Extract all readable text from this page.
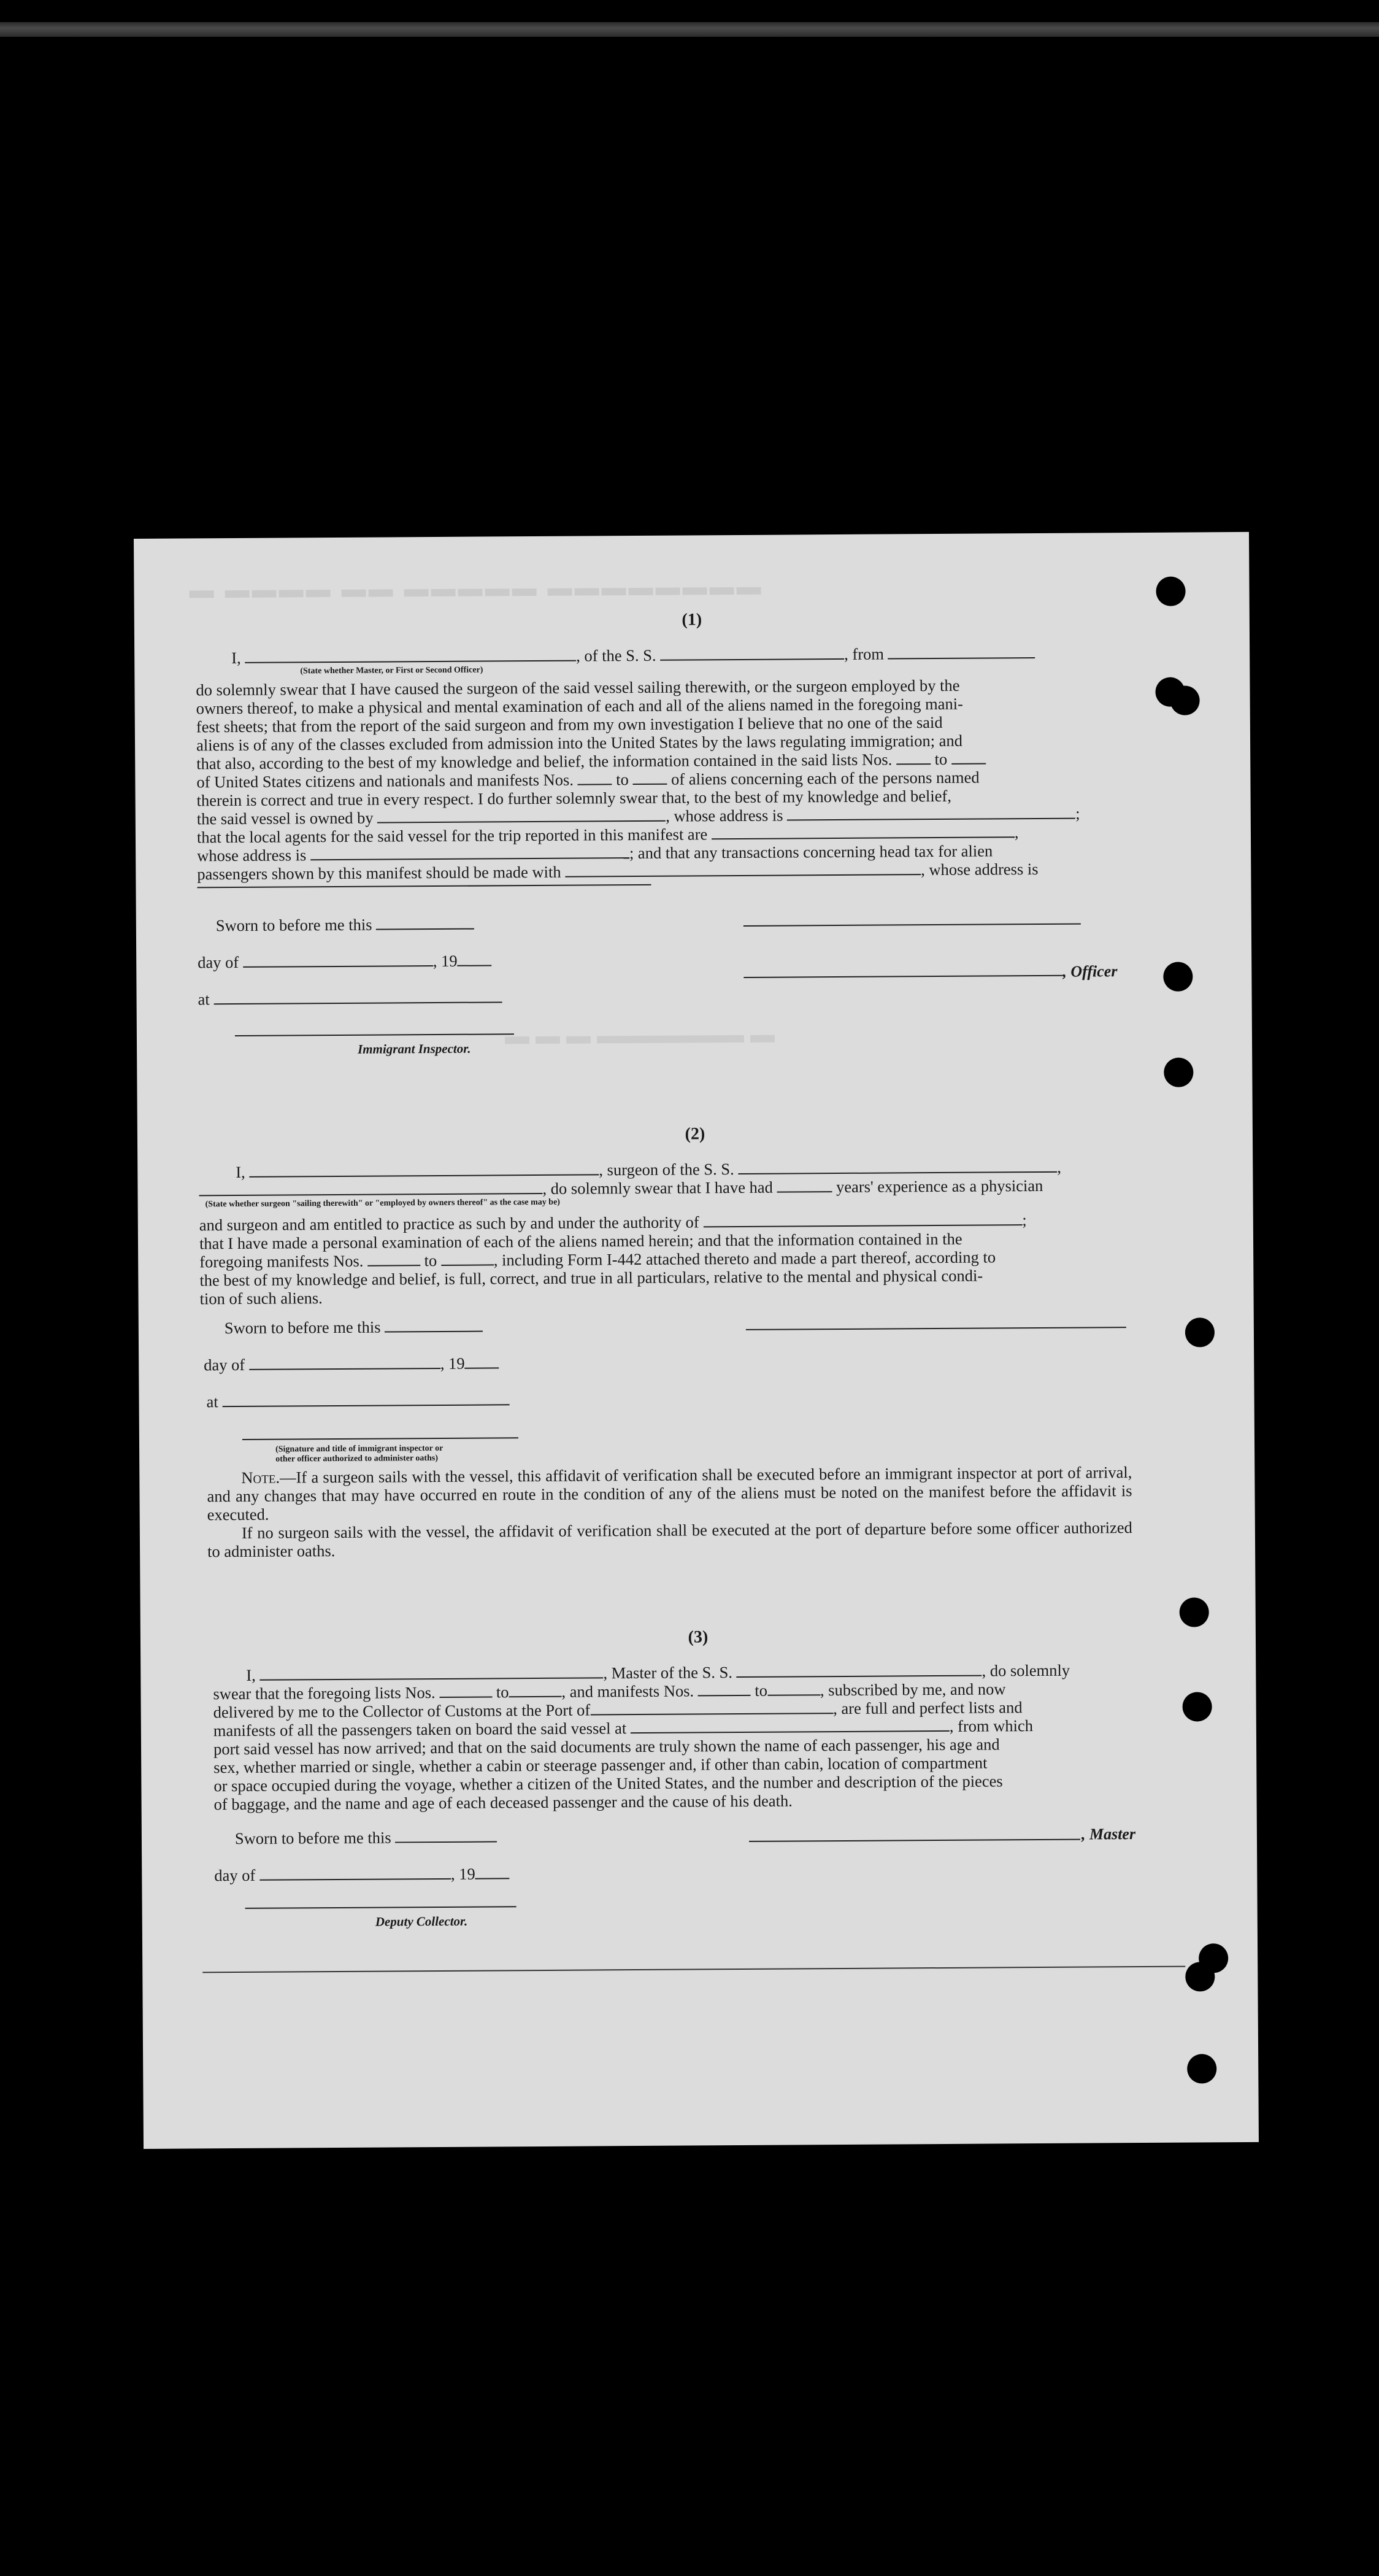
▬ ▬▬▬▬ ▬▬ ▬▬▬▬▬ ▬▬▬▬▬▬▬▬
▬ ▬ ▬ ▬▬▬▬▬▬ ▬
(1)
I,	, of the S. S.	, from
(State whether Master, or First or Second Officer)
do solemnly swear that I have caused the surgeon of the said vessel sailing therewith, or the surgeon employed by the
owners thereof, to make a physical and mental examination of each and all of the aliens named in the foregoing mani-
fest sheets; that from the report of the said surgeon and from my own investigation I believe that no one of the said
aliens is of any of the classes excluded from admission into the United States by the laws regulating immigration; and
that also, according to the best of my knowledge and belief, the information contained in the said lists Nos.	to
of United States citizens and nationals and manifests Nos.	to	of aliens concerning each of the persons named
therein is correct and true in every respect. I do further solemnly swear that, to the best of my knowledge and belief,
the said vessel is owned by	, whose address is	;
that the local agents for the said vessel for the trip reported in this manifest are	,
whose address is	; and that any transactions concerning head tax for alien
passengers shown by this manifest should be made with	, whose address is
Sworn to before me this
day of	, 19
, Officer
at
Immigrant Inspector.
(2)
I,	, surgeon of the S. S.	,
, do solemnly swear that I have had	years' experience as a physician
(State whether surgeon "sailing therewith" or "employed by owners thereof" as the case may be)
and surgeon and am entitled to practice as such by and under the authority of	;
that I have made a personal examination of each of the aliens named herein; and that the information contained in the
foregoing manifests Nos.	to	, including Form I-442 attached thereto and made a part thereof, according to
the best of my knowledge and belief, is full, correct, and true in all particulars, relative to the mental and physical condi-
tion of such aliens.
Sworn to before me this
day of	, 19
at
(Signature and title of immigrant inspector or
other officer authorized to administer oaths)

Note.—If a surgeon sails with the vessel, this affidavit of verification shall be executed before an immigrant inspector at port of arrival, and any changes that may have occurred en route in the condition of any of the aliens must be noted on the manifest before the affidavit is executed.

If no surgeon sails with the vessel, the affidavit of verification shall be executed at the port of departure before some officer authorized to administer oaths.

(3)
I,	, Master of the S. S.	, do solemnly
swear that the foregoing lists Nos.	to	, and manifests Nos.	to	, subscribed by me, and now
delivered by me to the Collector of Customs at the Port of	, are full and perfect lists and
manifests of all the passengers taken on board the said vessel at	, from which
port said vessel has now arrived; and that on the said documents are truly shown the name of each passenger, his age and
sex, whether married or single, whether a cabin or steerage passenger and, if other than cabin, location of compartment
or space occupied during the voyage, whether a citizen of the United States, and the number and description of the pieces
of baggage, and the name and age of each deceased passenger and the cause of his death.
Sworn to before me this	, Master
day of	, 19
Deputy Collector.
